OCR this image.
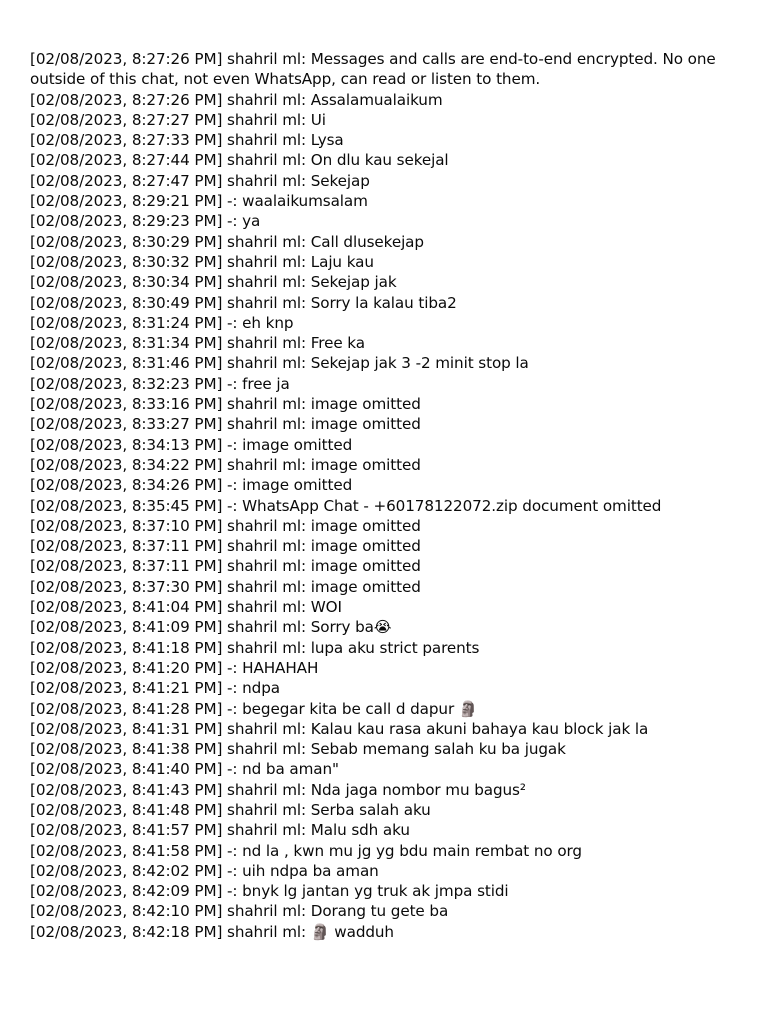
[02/08/2023, 8:27:26 PM] shahril ml: Messages and calls are end-to-end encrypted. No one outside of this chat, not even WhatsApp, can read or listen to them.

[02/08/2023, 8:27:26 PM] shahril ml: Assalamualaikum

[02/08/2023, 8:27:27 PM] shahril ml: Ui

[02/08/2023, 8:27:33 PM] shahril ml: Lysa

[02/08/2023, 8:27:44 PM] shahril ml: On dlu kau sekejal

[02/08/2023, 8:27:47 PM] shahril ml: Sekejap

[02/08/2023, 8:29:21 PM] -: waalaikumsalam

[02/08/2023, 8:29:23 PM] -: ya

[02/08/2023, 8:30:29 PM] shahril ml: Call dlusekejap

[02/08/2023, 8:30:32 PM] shahril ml: Laju kau

[02/08/2023, 8:30:34 PM] shahril ml: Sekejap jak

[02/08/2023, 8:30:49 PM] shahril ml: Sorry la kalau tiba2

[02/08/2023, 8:31:24 PM] -: eh knp

[02/08/2023, 8:31:34 PM] shahril ml: Free ka

[02/08/2023, 8:31:46 PM] shahril ml: Sekejap jak 3 -2 minit stop la

[02/08/2023, 8:32:23 PM] -: free ja

[02/08/2023, 8:33:16 PM] shahril ml: image omitted

[02/08/2023, 8:33:27 PM] shahril ml: image omitted

[02/08/2023, 8:34:13 PM] -: image omitted

[02/08/2023, 8:34:22 PM] shahril ml: image omitted

[02/08/2023, 8:34:26 PM] -: image omitted

[02/08/2023, 8:35:45 PM] -: WhatsApp Chat - +60178122072.zip document omitted

[02/08/2023, 8:37:10 PM] shahril ml: image omitted

[02/08/2023, 8:37:11 PM] shahril ml: image omitted

[02/08/2023, 8:37:11 PM] shahril ml: image omitted

[02/08/2023, 8:37:30 PM] shahril ml: image omitted

[02/08/2023, 8:41:04 PM] shahril ml: WOI

[02/08/2023, 8:41:09 PM] shahril ml: Sorry ba😭

[02/08/2023, 8:41:18 PM] shahril ml: lupa aku strict parents

[02/08/2023, 8:41:20 PM] -: HAHAHAH

[02/08/2023, 8:41:21 PM] -: ndpa

[02/08/2023, 8:41:28 PM] -: begegar kita be call d dapur 🗿

[02/08/2023, 8:41:31 PM] shahril ml: Kalau kau rasa akuni bahaya kau block jak la

[02/08/2023, 8:41:38 PM] shahril ml: Sebab memang salah ku ba jugak

[02/08/2023, 8:41:40 PM] -: nd ba aman"

[02/08/2023, 8:41:43 PM] shahril ml: Nda jaga nombor mu bagus²

[02/08/2023, 8:41:48 PM] shahril ml: Serba salah aku

[02/08/2023, 8:41:57 PM] shahril ml: Malu sdh aku

[02/08/2023, 8:41:58 PM] -: nd la , kwn mu jg yg bdu main rembat no org

[02/08/2023, 8:42:02 PM] -: uih ndpa ba aman

[02/08/2023, 8:42:09 PM] -: bnyk lg jantan yg truk ak jmpa stidi

[02/08/2023, 8:42:10 PM] shahril ml: Dorang tu gete ba

[02/08/2023, 8:42:18 PM] shahril ml: 🗿 wadduh
